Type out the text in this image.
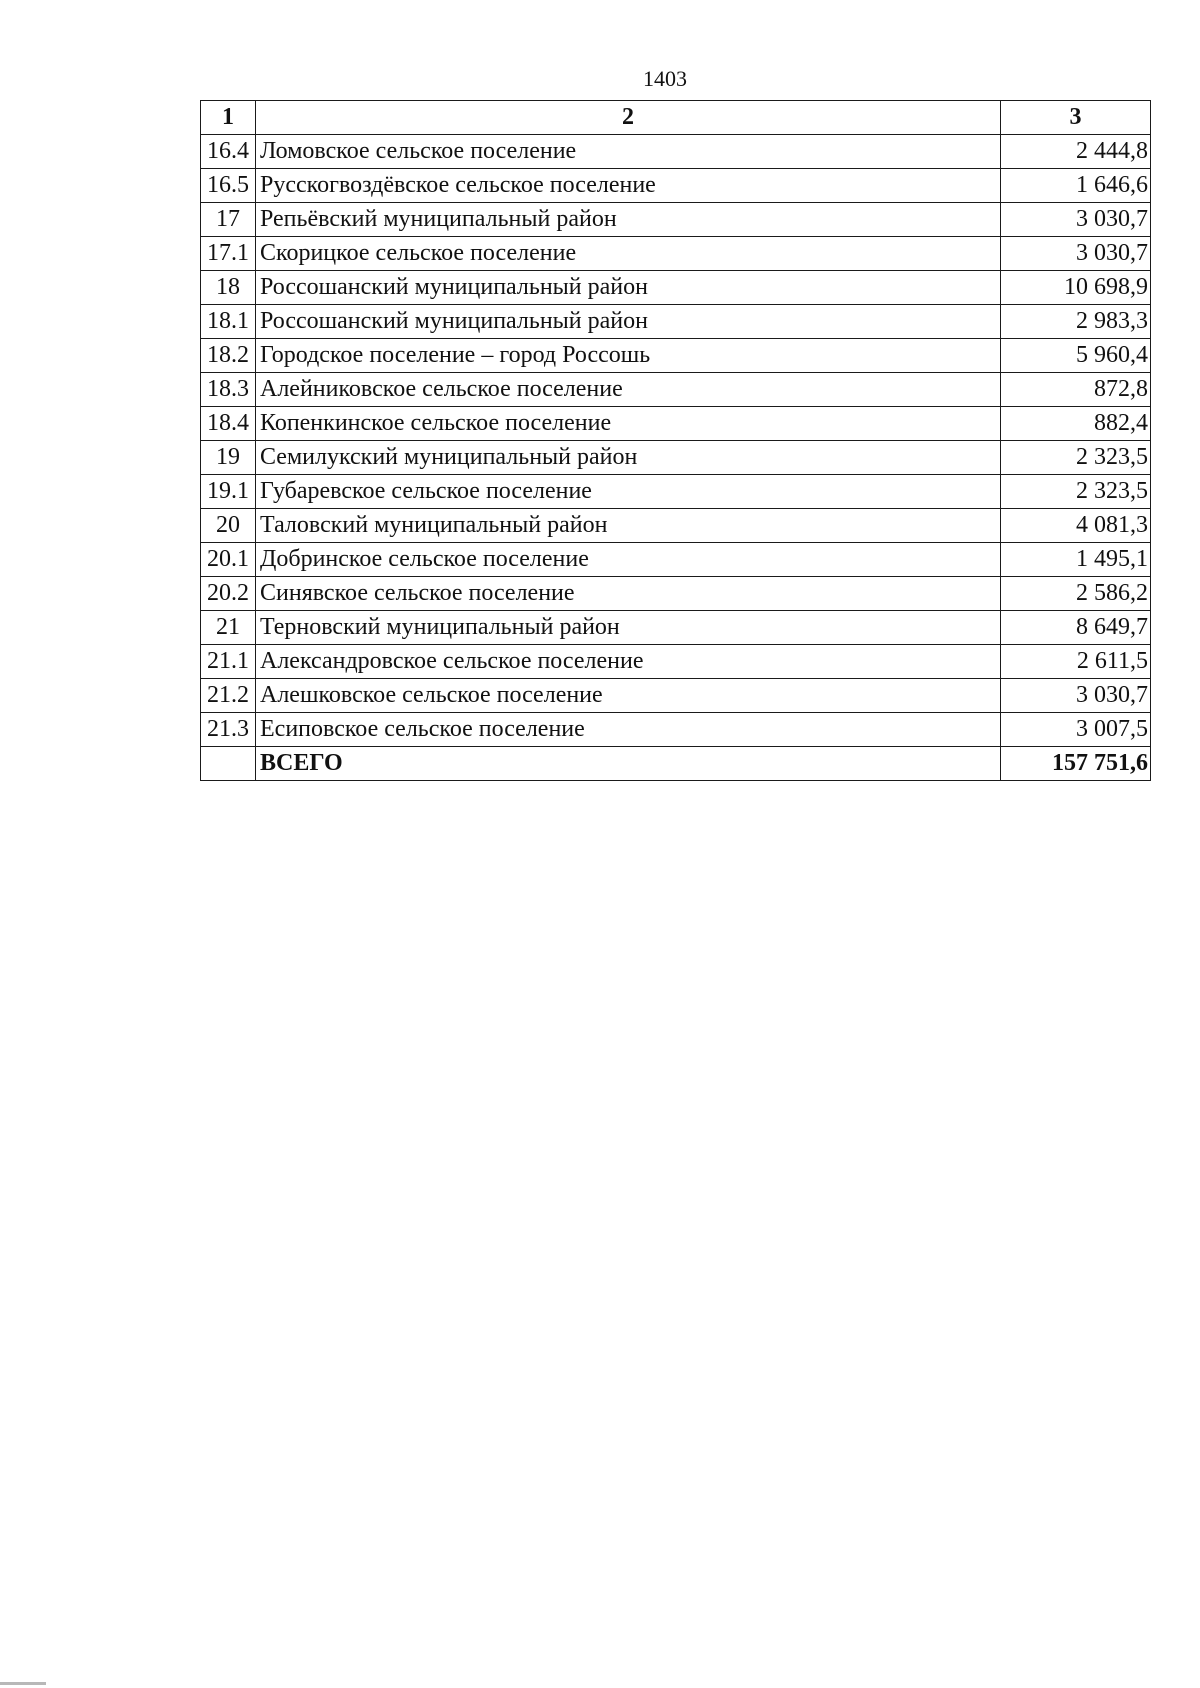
1403
1	2	3
16.4	Ломовское сельское поселение	2 444,8
16.5	Русскогвоздёвское сельское поселение	1 646,6
17	Репьёвский муниципальный район	3 030,7
17.1	Скорицкое сельское поселение	3 030,7
18	Россошанский муниципальный район	10 698,9
18.1	Россошанский муниципальный район	2 983,3
18.2	Городское поселение – город Россошь	5 960,4
18.3	Алейниковское сельское поселение	872,8
18.4	Копенкинское сельское поселение	882,4
19	Семилукский муниципальный район	2 323,5
19.1	Губаревское сельское поселение	2 323,5
20	Таловский муниципальный район	4 081,3
20.1	Добринское сельское поселение	1 495,1
20.2	Синявское сельское поселение	2 586,2
21	Терновский муниципальный район	8 649,7
21.1	Александровское сельское поселение	2 611,5
21.2	Алешковское сельское поселение	3 030,7
21.3	Есиповское сельское поселение	3 007,5
	ВСЕГО	157 751,6
